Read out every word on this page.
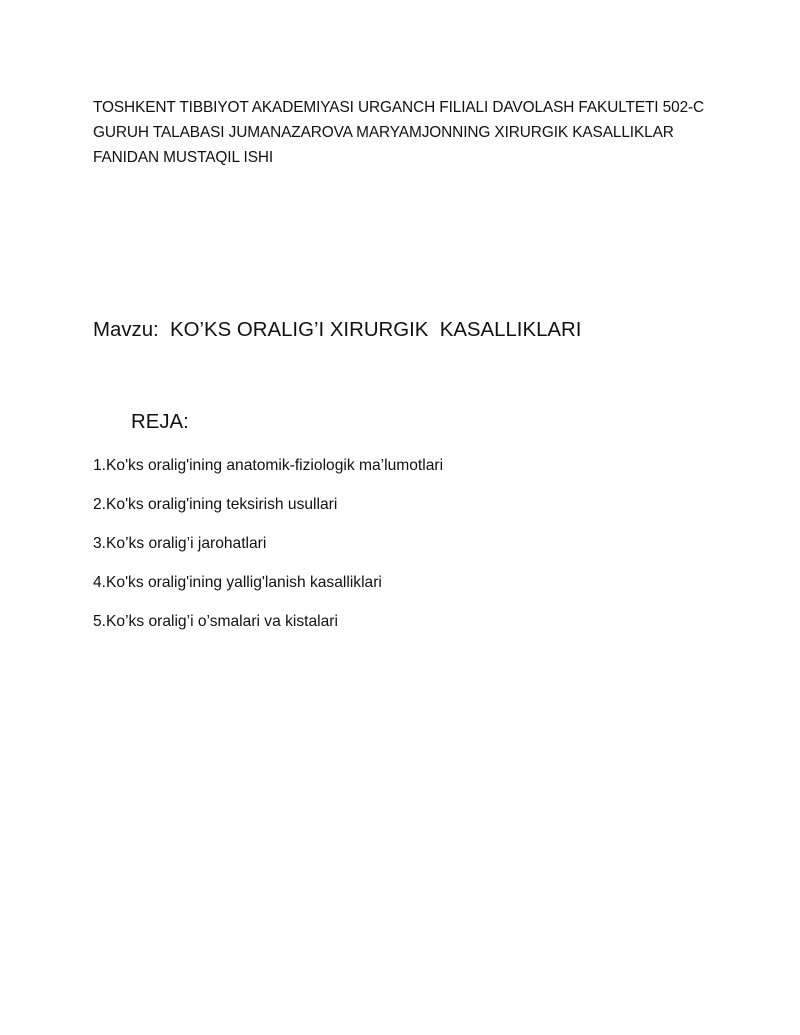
TOSHKENT TIBBIYOT AKADEMIYASI URGANCH FILIALI DAVOLASH FAKULTETI 502-C
GURUH TALABASI JUMANAZAROVA MARYAMJONNING XIRURGIK KASALLIKLAR
FANIDAN MUSTAQIL ISHI
Mavzu:  KO’KS ORALIG’I XIRURGIK  KASALLIKLARI
REJA:
1.Ko'ks oralig'ining anatomik-fiziologik ma’lumotlari
2.Ko'ks oralig'ining teksirish usullari
3.Ko’ks oralig’i jarohatlari
4.Ko'ks oralig'ining yallig'lanish kasalliklari
5.Ko’ks oralig’i o’smalari va kistalari
